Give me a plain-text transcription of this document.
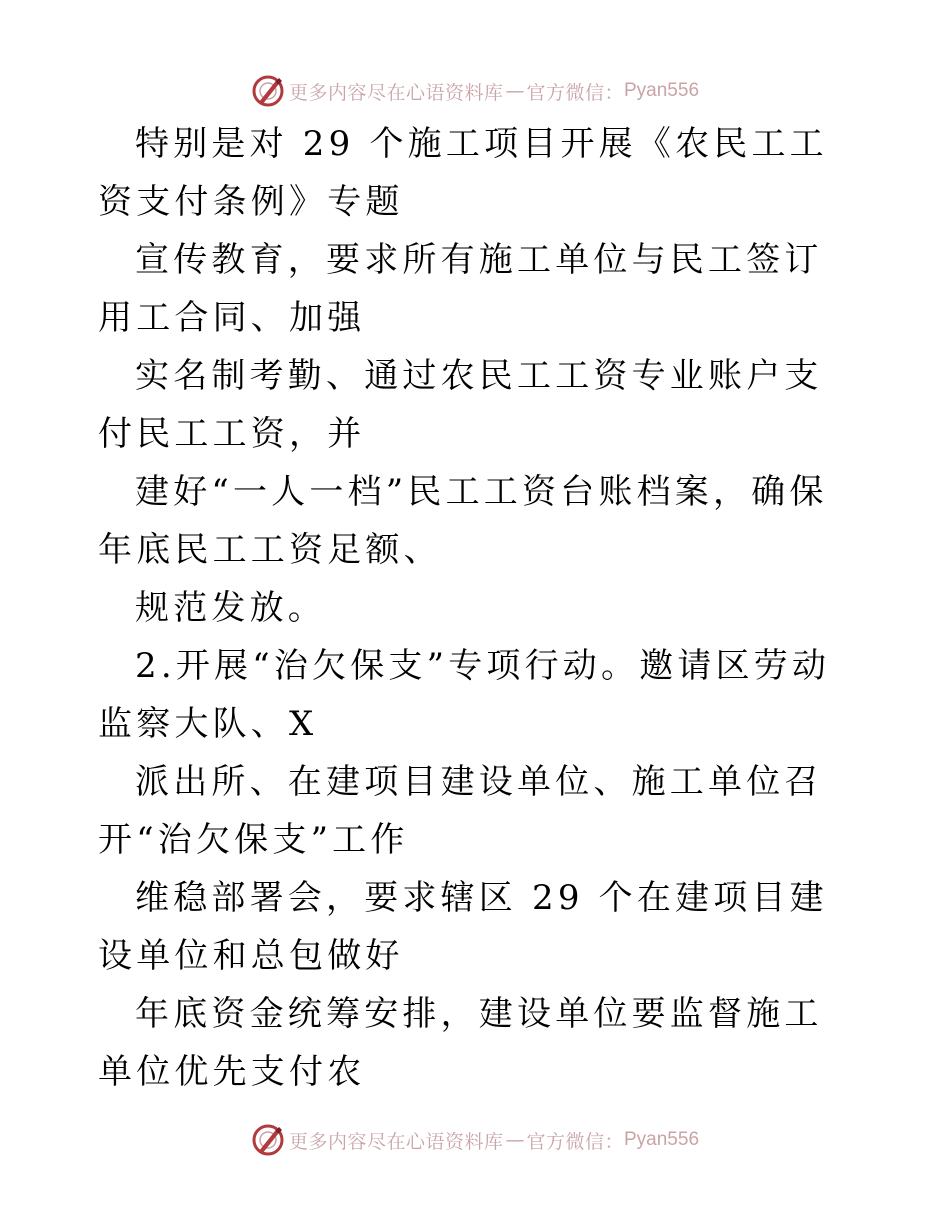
更多内容尽在心语资料库 — 官方微信： Pyan556

特别是对 29 个施工项目开展《农民工工资支付条例》专题

宣传教育，要求所有施工单位与民工签订用工合同、加强

实名制考勤、通过农民工工资专业账户支付民工工资，并

建好“一人一档”民工工资台账档案，确保年底民工工资足额、

规范发放。

2.开展“治欠保支”专项行动。邀请区劳动监察大队、X

派出所、在建项目建设单位、施工单位召开“治欠保支”工作

维稳部署会，要求辖区 29 个在建项目建设单位和总包做好

年底资金统筹安排，建设单位要监督施工单位优先支付农

更多内容尽在心语资料库 — 官方微信： Pyan556
